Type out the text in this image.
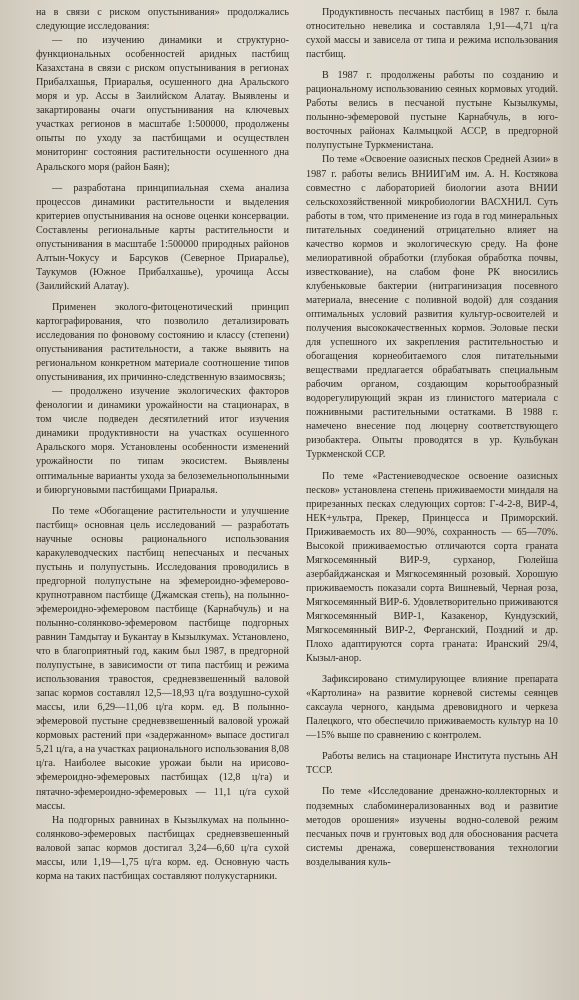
на в связи с риском опустынивания» продолжались следующие исследования:

— по изучению динамики и структурно-функциональных особенностей аридных пастбищ Казахстана в связи с риском опустынивания в регионах Прибалхашья, Приаралья, осушенного дна Аральского моря и ур. Ассы в Заилийском Алатау. Выявлены и закартированы очаги опустынивания на ключевых участках регионов в масштабе 1:500000, продолжены опыты по уходу за пастбищами и осуществлен мониторинг состояния растительности осушенного дна Аральского моря (район Баян);

— разработана принципиальная схема анализа процессов динамики растительности и выделения критериев опустынивания на основе оценки консервации. Составлены региональные карты растительности и опустынивания в масштабе 1:500000 природных районов Алтын-Чокусу и Барсуков (Северное Приаралье), Таукумов (Южное Прибалхашье), урочища Ассы (Заилийский Алатау).

Применен эколого-фитоценотический принцип картографирования, что позволило детализировать исследования по фоновому состоянию и классу (степени) опустынивания растительности, а также выявить на региональном конкретном материале соотношение типов опустынивания, их причинно-следственную взаимосвязь;

— продолжено изучение экологических факторов фенологии и динамики урожайности на стационарах, в том числе подведен десятилетний итог изучения динамики продуктивности на участках осушенного Аральского моря. Установлены особенности изменений урожайности по типам экосистем. Выявлены оптимальные варианты ухода за белоземельнополынными и биюргуновыми пастбищами Приаралья.

По теме «Обогащение растительности и улучшение пастбищ» основная цель исследований — разработать научные основы рационального использования каракулеводческих пастбищ непесчаных и песчаных пустынь и полупустынь. Исследования проводились в предгорной полупустыне на эфемероидно-эфемерово-крупнотравном пастбище (Джамская степь), на полынно-эфемероидно-эфемеровом пастбище (Карнабчуль) и на полынно-солянково-эфемеровом пастбище подгорных равнин Тамдытау и Букантау в Кызылкумах. Установлено, что в благоприятный год, каким был 1987, в предгорной полупустыне, в зависимости от типа пастбищ и режима использования травостоя, средневзвешенный валовой запас кормов составлял 12,5—18,93 ц/га воздушно-сухой массы, или 6,29—11,06 ц/га корм. ед. В полынно-эфемеровой пустыне средневзвешенный валовой урожай кормовых растений при «задержанном» выпасе достигал 5,21 ц/га, а на участках рационального использования 8,08 ц/га. Наиболее высокие урожаи были на ирисово-эфемероидно-эфемеровых пастбищах (12,8 ц/га) и пятачно-эфемероидно-эфемеровых — 11,1 ц/га сухой массы.

На подгорных равнинах в Кызылкумах на полынно-солянково-эфемеровых пастбищах средневзвешенный валовой запас кормов достигал 3,24—6,60 ц/га сухой массы, или 1,19—1,75 ц/га корм. ед. Основную часть корма на таких пастбищах составляют полукустарники.

Продуктивность песчаных пастбищ в 1987 г. была относительно невелика и составляла 1,91—4,71 ц/га сухой массы и зависела от типа и режима использования пастбищ.

В 1987 г. продолжены работы по созданию и рациональному использованию сеяных кормовых угодий. Работы велись в песчаной пустыне Кызылкумы, полынно-эфемеровой пустыне Карнабчуль, в юго-восточных районах Калмыцкой АССР, в предгорной полупустыне Туркменистана.

По теме «Освоение оазисных песков Средней Азии» в 1987 г. работы велись ВНИИГиМ им. А. Н. Костякова совместно с лабораторией биологии азота ВНИИ сельскохозяйственной микробиологии ВАСХНИЛ. Суть работы в том, что применение из года в год минеральных питательных соединений отрицательно влияет на качество кормов и экологическую среду. На фоне мелиоративной обработки (глубокая обработка почвы, известкование), на слабом фоне РК вносились клубеньковые бактерии (нитрагинизация посевного материала, внесение с поливной водой) для создания оптимальных условий развития культур-освоителей и получения высококачественных кормов. Эоловые пески для успешного их закрепления растительностью и обогащения корнеобитаемого слоя питательными веществами предлагается обрабатывать специальным рабочим органом, создающим корытообразный водорегулирующий экран из глинистого материала с пожнивными растительными остатками. В 1988 г. намечено внесение под люцерну соответствующего ризобактера. Опыты проводятся в ур. Кульбукан Туркменской ССР.

По теме «Растениеводческое освоение оазисных песков» установлена степень приживаемости миндаля на прирезанных песках следующих сортов: Г-4-2-8, ВИР-4, НЕК+ультра, Прекер, Принцесса и Приморский. Приживаемость их 80—90%, сохранность — 65—70%. Высокой приживаемостью отличаются сорта граната Мягкосемянный ВИР-9, сурханор, Гюлейша азербайджанская и Мягкосемянный розовый. Хорошую приживаемость показали сорта Вишневый, Черная роза, Мягкосемянный ВИР-6. Удовлетворительно приживаются Мягкосемянный ВИР-1, Казакенор, Кундузский, Мягкосемянный ВИР-2, Ферганский, Поздний и др. Плохо адаптируются сорта граната: Иранский 29/4, Кызыл-анор.

Зафиксировано стимулирующее влияние препарата «Картолина» на развитие корневой системы сеянцев саксаула черного, кандыма древовидного и черкеза Палецкого, что обеспечило приживаемость культур на 10—15% выше по сравнению с контролем.

Работы велись на стационаре Института пустынь АН ТССР.

По теме «Исследование дренажно-коллекторных и подземных слабоминерализованных вод и развитие методов орошения» изучены водно-солевой режим песчаных почв и грунтовых вод для обоснования расчета системы дренажа, совершенствования технологии возделывания куль-
